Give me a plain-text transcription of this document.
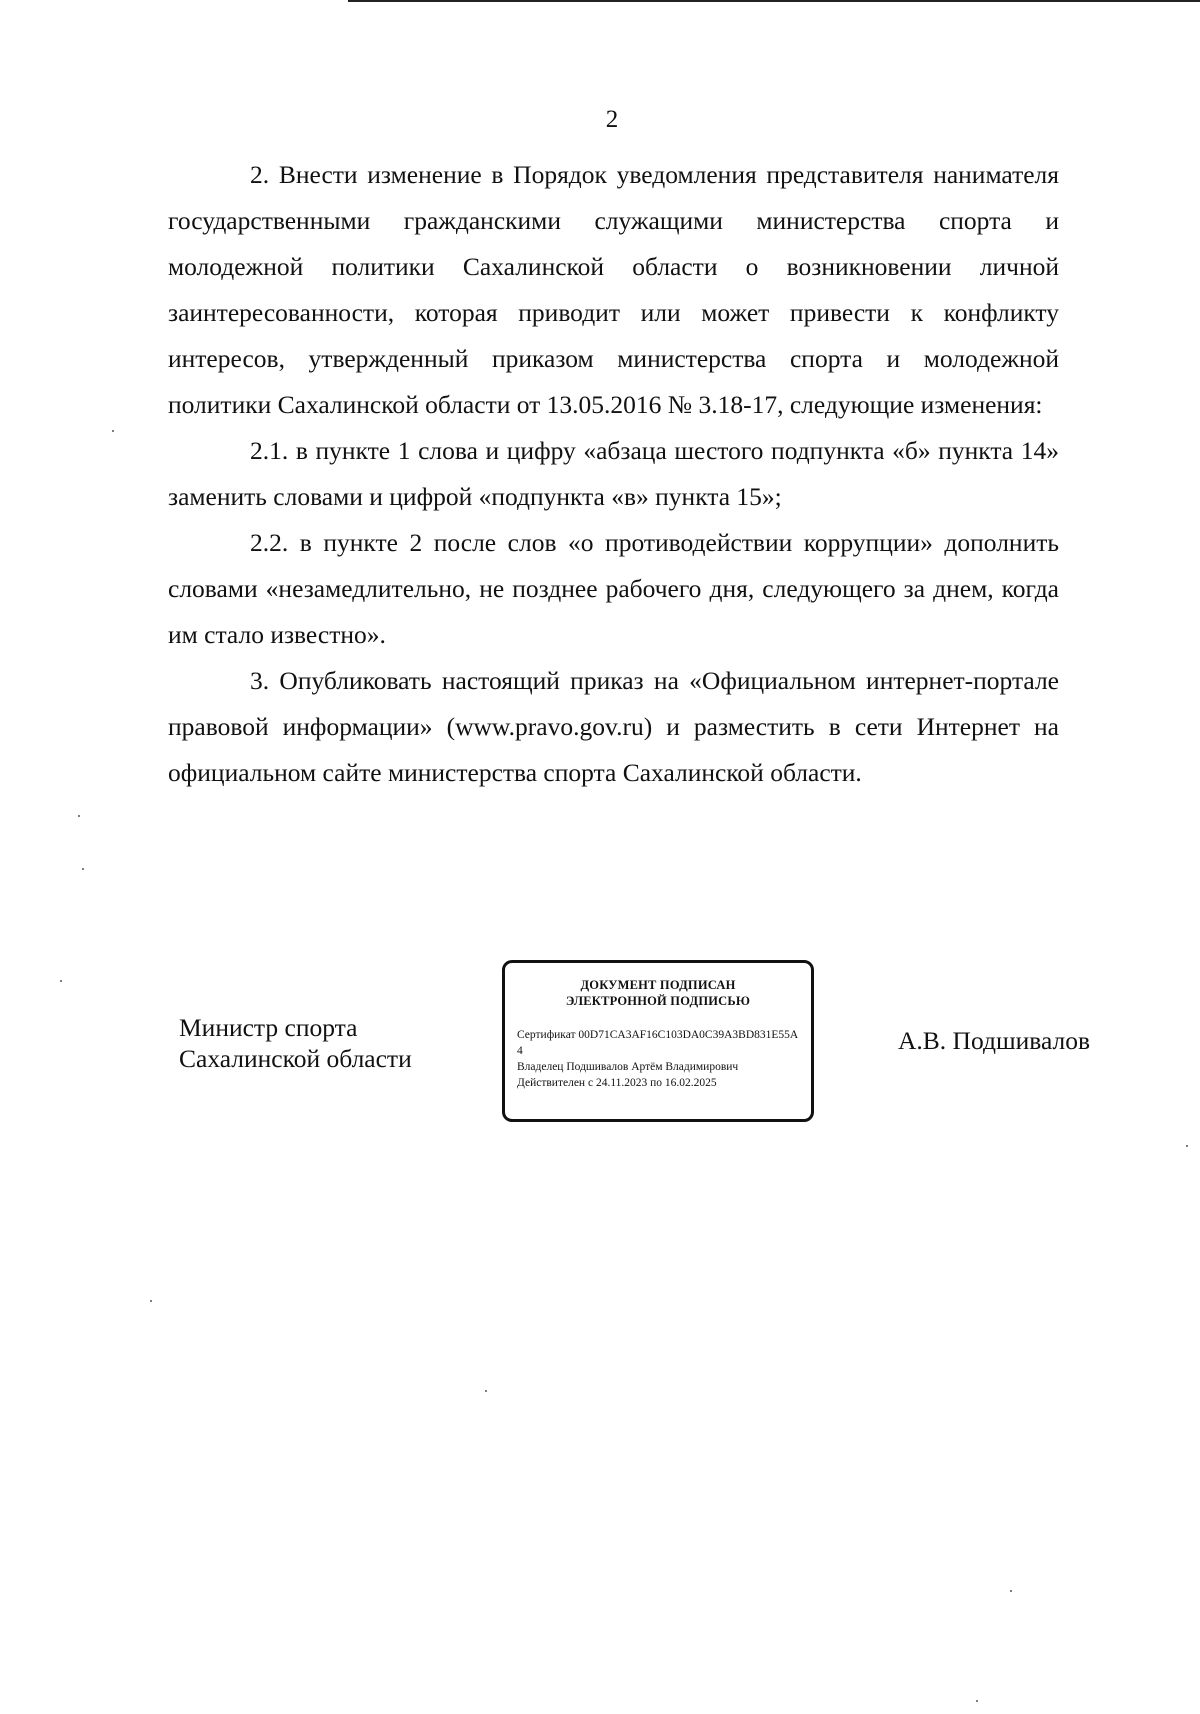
2

2. Внести изменение в Порядок уведомления представителя нанимателя государственными гражданскими служащими министерства спорта и молодежной политики Сахалинской области о возникновении личной заинтересованности, которая приводит или может привести к конфликту интересов, утвержденный приказом министерства спорта и молодежной политики Сахалинской области от 13.05.2016 № 3.18-17, следующие изменения:

2.1. в пункте 1 слова и цифру «абзаца шестого подпункта «б» пункта 14» заменить словами и цифрой «подпункта «в» пункта 15»;

2.2. в пункте 2 после слов «о противодействии коррупции» дополнить словами «незамедлительно, не позднее рабочего дня, следующего за днем, когда им стало известно».

3. Опубликовать настоящий приказ на «Официальном интернет-портале правовой информации» (www.pravo.gov.ru) и разместить в сети Интернет на официальном сайте министерства спорта Сахалинской области.

Министр спорта
Сахалинской области
ДОКУМЕНТ ПОДПИСАН
ЭЛЕКТРОННОЙ ПОДПИСЬЮ
Сертификат 00D71CA3AF16C103DA0C39A3BD831E55A4
Владелец Подшивалов Артём Владимирович
Действителен с 24.11.2023 по 16.02.2025
А.В. Подшивалов
